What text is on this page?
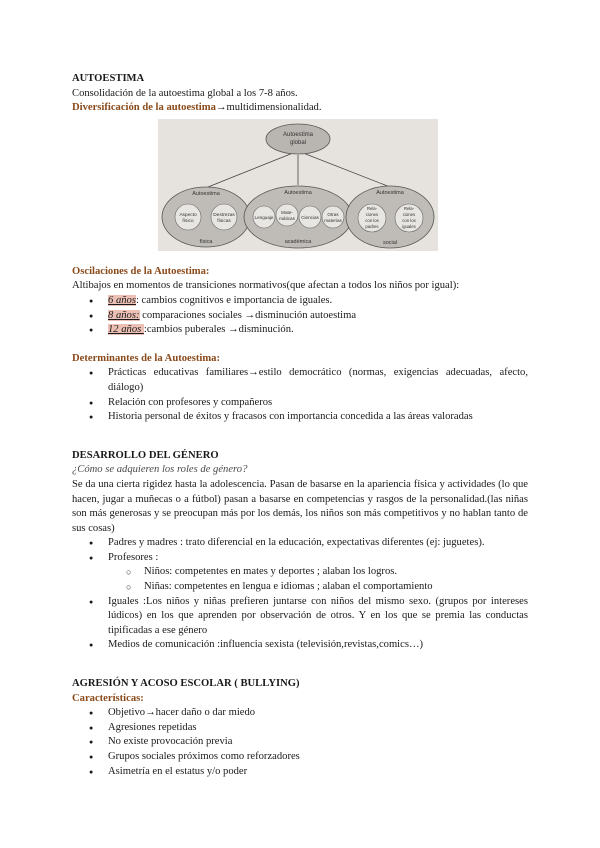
AUTOESTIMA

Consolidación de la autoestima global a los 7-8 años.

Diversificación de la autoestima→multidimensionalidad.

Autoestima
global
Autoestima
Aspecto
físico
Destrezas
físicas
física
Autoestima
Lenguaje
Mate-
máticas Ciencias
Otras
materias
académica
Autoestima
Rela-
ciones
con los
padres
Rela-
ciones
con los
iguales
social

Oscilaciones de la Autoestima:

Altibajos en momentos de transiciones normativos(que afectan a todos los niños por igual):

● 6 años: cambios cognitivos e importancia de iguales.
● 8 años: comparaciones sociales →disminución autoestima
● 12 años :cambios puberales →disminución.

Determinantes de la Autoestima:

● Prácticas educativas familiares→estilo democrático (normas, exigencias adecuadas, afecto, diálogo)
● Relación con profesores y compañeros
● Historia personal de éxitos y fracasos con importancia concedida a las áreas valoradas

DESARROLLO DEL GÉNERO

¿Cómo se adquieren los roles de género?

Se da una cierta rigidez hasta la adolescencia. Pasan de basarse en la apariencia física y actividades (lo que hacen, jugar a muñecas o a fútbol) pasan a basarse en competencias y rasgos de la personalidad.(las niñas son más generosas y se preocupan más por los demás, los niños son más competitivos y no hablan tanto de sus cosas)

● Padres y madres : trato diferencial en la educación, expectativas diferentes (ej: juguetes).
● Profesores :
○ Niños: competentes en mates y deportes ; alaban los logros.
○ Niñas: competentes en lengua e idiomas ; alaban el comportamiento
● Iguales :Los niños y niñas prefieren juntarse con niños del mismo sexo. (grupos por intereses lúdicos) en los que aprenden por observación de otros. Y en los que se premia las conductas tipificadas a ese género
● Medios de comunicación :influencia sexista (televisión,revistas,comics…)

AGRESIÓN Y ACOSO ESCOLAR ( BULLYING)

Características:

● Objetivo→hacer daño o dar miedo
● Agresiones repetidas
● No existe provocación previa
● Grupos sociales próximos como reforzadores
● Asimetría en el estatus y/o poder
